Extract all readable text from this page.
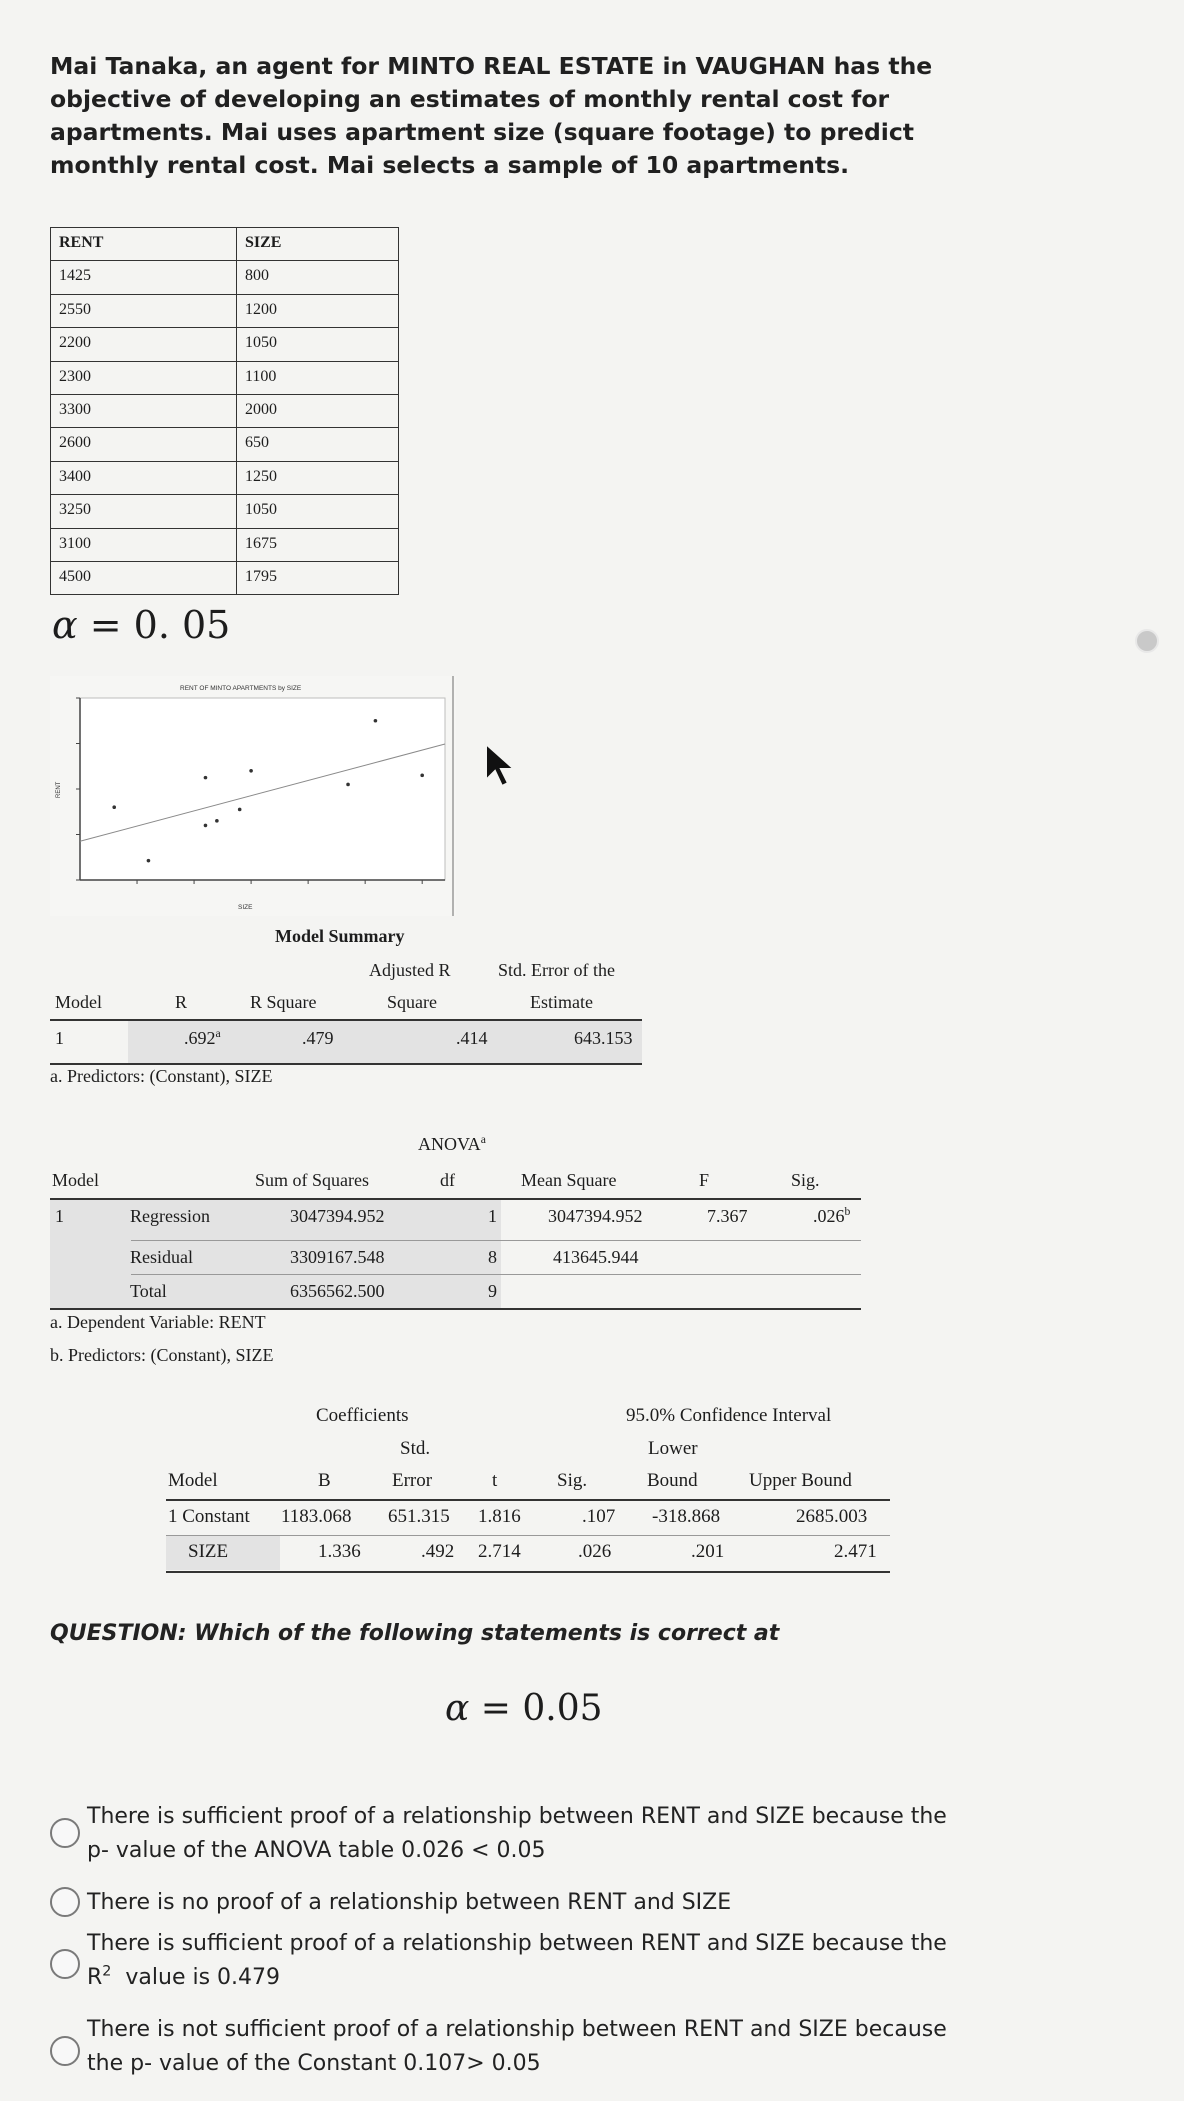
Mai Tanaka, an agent for MINTO REAL ESTATE in VAUGHAN has the objective of developing an estimates of monthly rental cost for apartments. Mai uses apartment size (square footage) to predict monthly rental cost. Mai selects a sample of 10 apartments.
RENT	SIZE
1425	800
2550	1200
2200	1050
2300	1100
3300	2000
2600	650
3400	1250
3250	1050
3100	1675
4500	1795
α = 0. 05
RENT OF MINTO APARTMENTS by SIZE
SIZE
RENT
Model Summary
Adjusted R	Std. Error of the
Model	R	R Square	Square	Estimate
1	.692$^a$	.479	.414	643.153
a. Predictors: (Constant), SIZE
ANOVA$^a$
Model	Sum of Squares	df	Mean Square	F	Sig.
1	Regression	3047394.952	1	3047394.952	7.367	.026$^b$
Residual	3309167.548	8	413645.944
Total	6356562.500	9
a. Dependent Variable: RENT
b. Predictors: (Constant), SIZE
Coefficients	95.0% Confidence Interval
Std.	Lower
Model	B	Error	t	Sig.	Bound	Upper Bound
1 Constant 1183.068 651.315 1.816	.107 -318.868	2685.003
SIZE	1.336	.492 2.714	.026	.201	2.471
QUESTION: Which of the following statements is correct at
α = 0.05
There is sufficient proof of a relationship between RENT and SIZE because the
p- value of the ANOVA table 0.026 < 0.05
There is no proof of a relationship between RENT and SIZE
There is sufficient proof of a relationship between RENT and SIZE because the
$R^2$  value is 0.479
There is not sufficient proof of a relationship between RENT and SIZE because
the p- value of the Constant 0.107> 0.05
